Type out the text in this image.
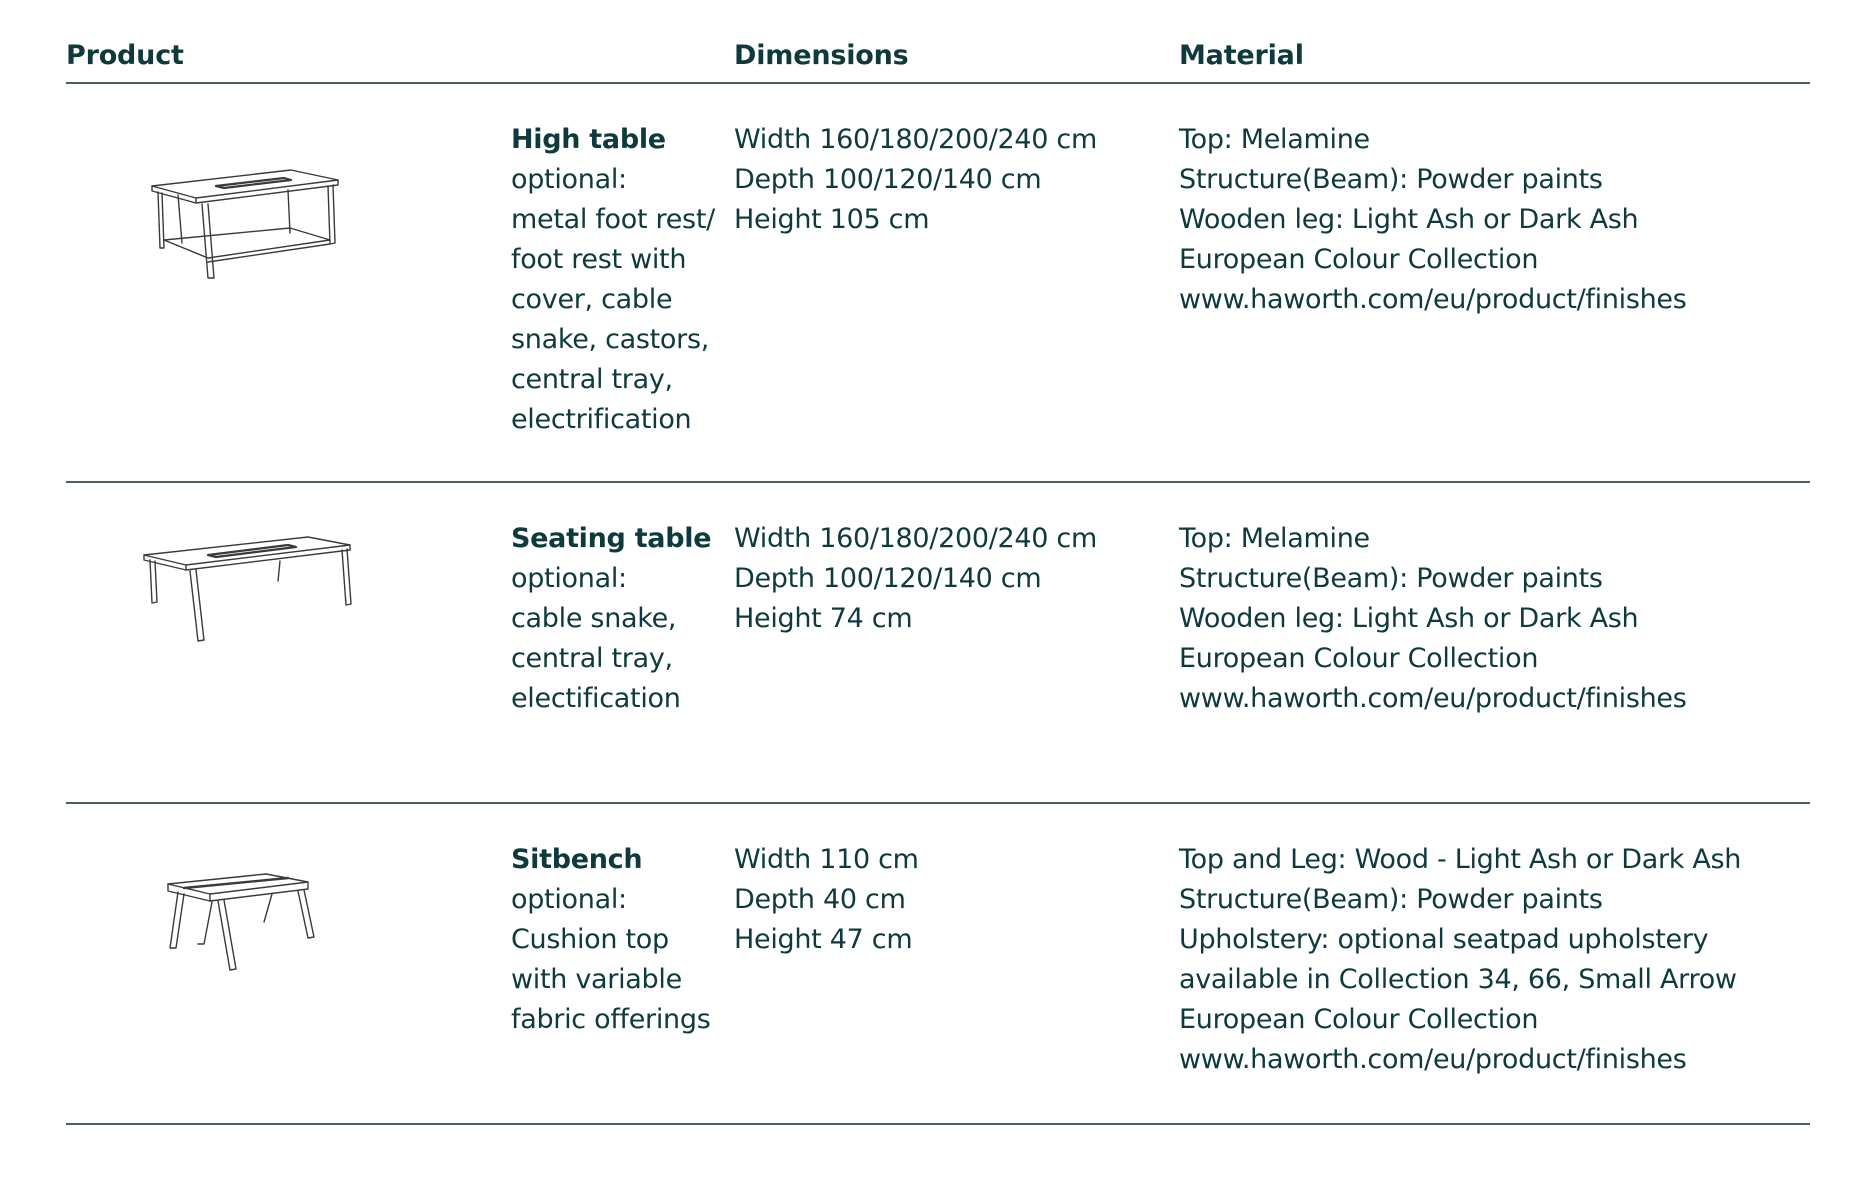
Product	Dimensions	Material
High table
optional:
metal foot rest/
foot rest with
cover, cable
snake, castors,
central tray,
electrification
Width 160/180/200/240 cm
Depth 100/120/140 cm
Height 105 cm
Top: Melamine
Structure(Beam): Powder paints
Wooden leg: Light Ash or Dark Ash
European Colour Collection
www.haworth.com/eu/product/finishes
Seating table
optional:
cable snake,
central tray,
electification
Width 160/180/200/240 cm
Depth 100/120/140 cm
Height 74 cm
Top: Melamine
Structure(Beam): Powder paints
Wooden leg: Light Ash or Dark Ash
European Colour Collection
www.haworth.com/eu/product/finishes
Sitbench
optional:
Cushion top
with variable
fabric offerings
Width 110 cm
Depth 40 cm
Height 47 cm
Top and Leg: Wood - Light Ash or Dark Ash
Structure(Beam): Powder paints
Upholstery: optional seatpad upholstery
available in Collection 34, 66, Small Arrow
European Colour Collection
www.haworth.com/eu/product/finishes
